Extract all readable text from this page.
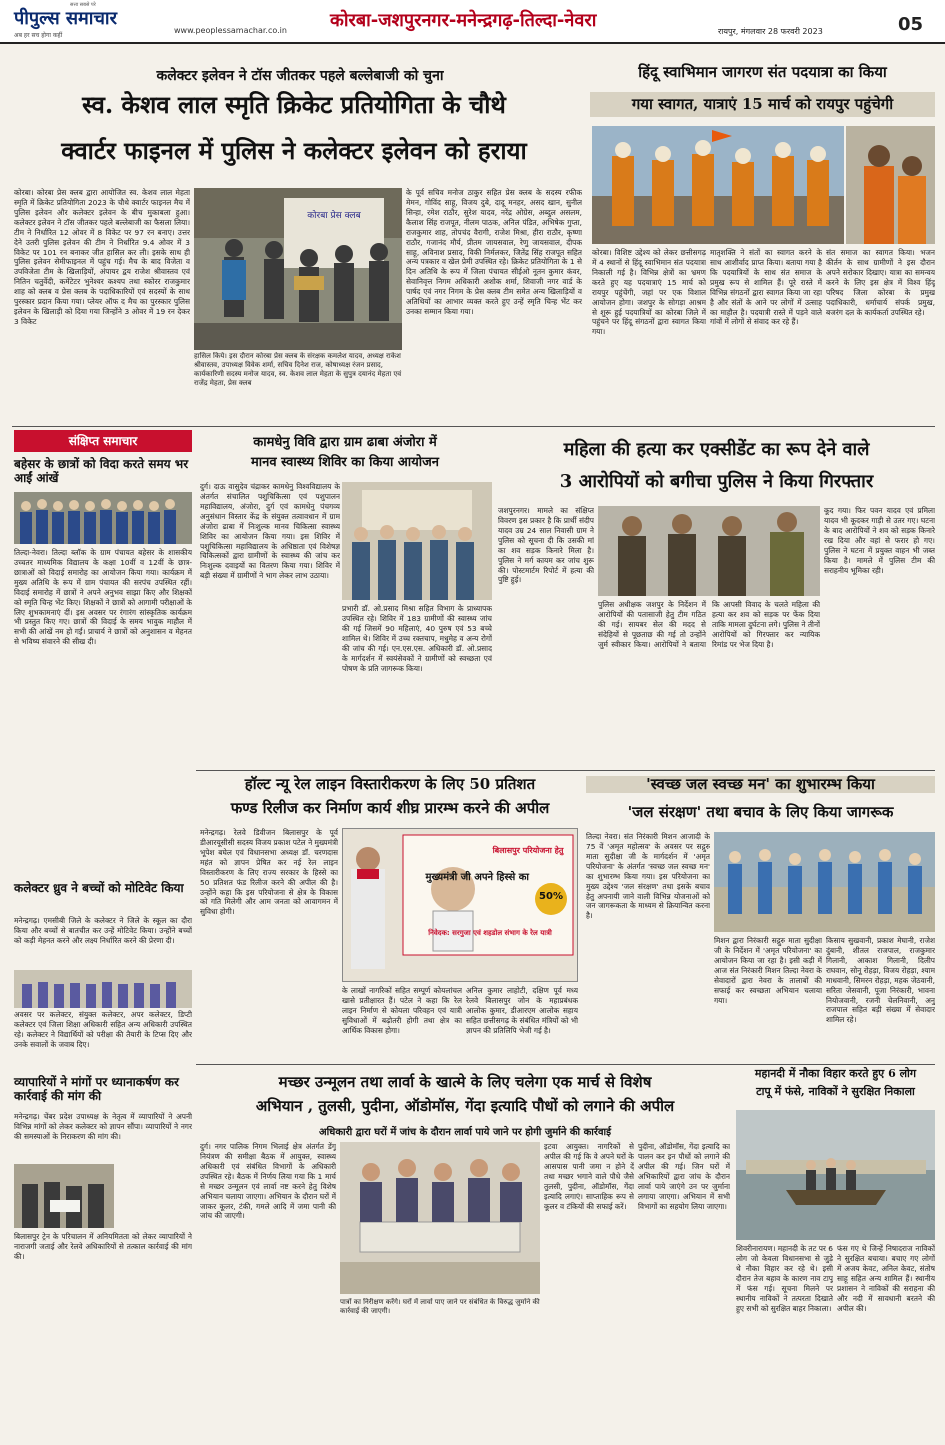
पीपुल्स समाचार
सत्ता सबसे परे
अब हर सच होगा कहीं
www.peoplessamachar.co.in कोरबा-जशपुरनगर-मनेन्द्रगढ़-तिल्दा-नेवरा
रायपुर, मंगलवार 28 फरवरी 2023	05
कलेक्टर इलेवन ने टॉस जीतकर पहले बल्लेबाजी को चुना
स्व. केशव लाल स्मृति क्रिकेट प्रतियोगिता के चौथे
क्वार्टर फाइनल में पुलिस ने कलेक्टर इलेवन को हराया
कोरबा। कोरबा प्रेस क्लब द्वारा आयोजित स्व. केशव लाल मेहता स्मृति में क्रिकेट प्रतियोगिता 2023 के चौथे क्वार्टर फाइनल मैच में पुलिस इलेवन और कलेक्टर इलेवन के बीच मुकाबला हुआ। कलेक्टर इलेवन ने टॉस जीतकर पहले बल्लेबाजी का फैसला लिया। टीम ने निर्धारित 12 ओवर में 8 विकेट पर 97 रन बनाए। उत्तर देने उतरी पुलिस इलेवन की टीम ने निर्धारित 9.4 ओवर में 3 विकेट पर 101 रन बनाकर जीत हासिल कर ली। इसके साथ ही पुलिस इलेवन सेमीफाइनल में पहुंच गई। मैच के बाद विजेता व उपविजेता टीम के खिलाड़ियों, अंपायर द्वय राजेश श्रीवास्तव एवं नितिन चतुर्वेदी, कमेंटेटर भुनेश्वर कश्यप तथा स्कोरर राजकुमार शाह को क्लब व प्रेस क्लब के पदाधिकारियों एवं सदस्यों के साथ पुरस्कार प्रदान किया गया। प्लेयर ऑफ द मैच का पुरस्कार पुलिस इलेवन के खिलाड़ी को दिया गया जिन्होंने 3 ओवर में 19 रन देकर 3 विकेट
कोरबा प्रेस क्लब
हासिल किये। इस दौरान कोरबा प्रेस क्लब के संरक्षक कमलेश यादव, अध्यक्ष राकेश श्रीवास्तव, उपाध्यक्ष विवेक शर्मा, सचिव दिनेश राज, कोषाध्यक्ष रंजन प्रसाद, कार्यकारिणी सदस्य मनोज यादव, स्व. केशव लाल मेहता के सुपुत्र दयानंद मेहता एवं राजेंद्र मेहता, प्रेस क्लब
के पूर्व सचिव मनोज ठाकुर सहित प्रेस क्लब के सदस्य रफीक मेमन, गोविंद साहू, विजय दुबे, दादू मनहर, असद खान, सुनील सिन्हा, रमेश राठौर, सुरेश यादव, नरेंद्र ओग्रेस, अब्दुल असलम, कैलाश सिंह राजपूत, नीलम पाठक, अनिल पंडित, अभिषेक गुप्ता, राजकुमार शाह, तोपचंद वैरागी, राजेश मिश्रा, हीरा राठौर, कृष्णा राठौर, गजानंद मौर्य, प्रीतम जायसवाल, रेणु जायसवाल, दीपक साहू, अविनाश प्रसाद, विकी निर्मलकर, जितेंद्र सिंह राजपूत सहित अन्य पत्रकार व खेल प्रेमी उपस्थित रहे। क्रिकेट प्रतियोगिता के 1 से दिन अतिथि के रूप में जिला पंचायत सीईओ नूतन कुमार कंवर, सेवानिवृत्त निगम अधिकारी अशोक शर्मा, शिवाजी नगर वार्ड के पार्षद एवं नगर निगम के प्रेस क्लब टीम समेत अन्य खिलाड़ियों व अतिथियों का आभार व्यक्त करते हुए उन्हें स्मृति चिन्ह भेंट कर उनका सम्मान किया गया।
हिंदू स्वाभिमान जागरण संत पदयात्रा का किया
गया स्वागत, यात्राएं 15 मार्च को रायपुर पहुंचेगी
कोरबा। विशिष्ट उद्देश्य को लेकर छत्तीसगढ़ में 4 स्थानों से हिंदू स्वाभिमान संत पदयात्रा निकाली गई है। विभिन्न क्षेत्रों का भ्रमण करते हुए यह पदयात्राएं 15 मार्च को रायपुर पहुंचेंगी, जहां पर एक विशाल आयोजन होगा। जशपुर के सोगड़ा आश्रम से शुरू हुई पदयात्रियों का कोरबा जिले में पहुंचने पर हिंदू संगठनों द्वारा स्वागत किया गया।
मातृशक्ति ने संतों का स्वागत करने के साथ आशीर्वाद प्राप्त किया। बताया गया है कि पदयात्रियों के साथ संत समाज के प्रमुख रूप से शामिल हैं। पूरे रास्ते में विभिन्न संगठनों द्वारा स्वागत किया जा रहा है और संतों के आने पर लोगों में उत्साह का माहौल है। पदयात्री रास्ते में पड़ने वाले गांवों में लोगों से संवाद कर रहे हैं।
संत समाज का स्वागत किया। भजन कीर्तन के साथ ग्रामीणों ने इस दौरान अपने सरोकार दिखाए। यात्रा का समन्वय करने के लिए इस क्षेत्र में विश्व हिंदू परिषद जिला कोरबा के प्रमुख पदाधिकारी, धर्माचार्य संपर्क प्रमुख, बजरंग दल के कार्यकर्ता उपस्थित रहे।
संक्षिप्त समाचार
बहेसर के छात्रों को विदा करते समय भर आईं आंखें
तिल्दा-नेवरा। तिल्दा ब्लॉक के ग्राम पंचायत बहेसर के शासकीय उच्चतर माध्यमिक विद्यालय के कक्षा 10वीं व 12वीं के छात्र-छात्राओं को विदाई समारोह का आयोजन किया गया। कार्यक्रम में मुख्य अतिथि के रूप में ग्राम पंचायत की सरपंच उपस्थित रहीं। विदाई समारोह में छात्रों ने अपने अनुभव साझा किए और शिक्षकों को स्मृति चिन्ह भेंट किए। शिक्षकों ने छात्रों को आगामी परीक्षाओं के लिए शुभकामनाएं दीं। इस अवसर पर रंगारंग सांस्कृतिक कार्यक्रम भी प्रस्तुत किए गए। छात्रों की विदाई के समय भावुक माहौल में सभी की आंखें नम हो गईं। प्राचार्य ने छात्रों को अनुशासन व मेहनत से भविष्य संवारने की सीख दी।
कलेक्टर ध्रुव ने बच्चों को मोटिवेट किया
मनेन्द्रगढ़। एमसीबी जिले के कलेक्टर ने जिले के स्कूल का दौरा किया और बच्चों से बातचीत कर उन्हें मोटिवेट किया। उन्होंने बच्चों को कड़ी मेहनत करने और लक्ष्य निर्धारित करने की प्रेरणा दी।
अवसर पर कलेक्टर, संयुक्त कलेक्टर, अपर कलेक्टर, डिप्टी कलेक्टर एवं जिला शिक्षा अधिकारी सहित अन्य अधिकारी उपस्थित रहे। कलेक्टर ने विद्यार्थियों को परीक्षा की तैयारी के टिप्स दिए और उनके सवालों के जवाब दिए।
व्यापारियों ने मांगों पर ध्यानाकर्षण कर कार्रवाई की मांग की
मनेन्द्रगढ़। चेंबर प्रदेश उपाध्यक्ष के नेतृत्व में व्यापारियों ने अपनी विभिन्न मांगों को लेकर कलेक्टर को ज्ञापन सौंपा। व्यापारियों ने नगर की समस्याओं के निराकरण की मांग की।
बिलासपुर ट्रेन के परिचालन में अनियमितता को लेकर व्यापारियों ने नाराजगी जताई और रेलवे अधिकारियों से तत्काल कार्रवाई की मांग की।
कामधेनु विवि द्वारा ग्राम ढाबा अंजोरा में
मानव स्वास्थ्य शिविर का किया आयोजन
दुर्ग। दाऊ वासुदेव चंद्राकर कामधेनु विश्वविद्यालय के अंतर्गत संचालित पशुचिकित्सा एवं पशुपालन महाविद्यालय, अंजोरा, दुर्ग एवं कामधेनु पंचगव्य अनुसंधान विस्तार केंद्र के संयुक्त तत्वावधान में ग्राम अंजोरा ढाबा में निःशुल्क मानव चिकित्सा स्वास्थ्य शिविर का आयोजन किया गया। इस शिविर में पशुचिकित्सा महाविद्यालय के अधिष्ठाता एवं विशेषज्ञ चिकित्सकों द्वारा ग्रामीणों के स्वास्थ्य की जांच कर निःशुल्क दवाइयों का वितरण किया गया। शिविर में बड़ी संख्या में ग्रामीणों ने भाग लेकर लाभ उठाया।
प्रभारी डॉ. ओ.प्रसाद मिश्रा सहित विभाग के प्राध्यापक उपस्थित रहे। शिविर में 183 ग्रामीणों की स्वास्थ्य जांच की गई जिसमें 90 महिलाएं, 40 पुरुष एवं 53 बच्चे शामिल थे। शिविर में उच्च रक्तचाप, मधुमेह व अन्य रोगों की जांच की गई। एन.एस.एस. अधिकारी डॉ. ओ.प्रसाद के मार्गदर्शन में स्वयंसेवकों ने ग्रामीणों को स्वच्छता एवं पोषण के प्रति जागरूक किया।
महिला की हत्या कर एक्सीडेंट का रूप देने वाले
3 आरोपियों को बगीचा पुलिस ने किया गिरफ्तार
जशपुरनगर। मामले का संक्षिप्त विवरण इस प्रकार है कि प्रार्थी संदीप यादव उम्र 24 साल निवासी ग्राम ने पुलिस को सूचना दी कि उसकी मां का शव सड़क किनारे मिला है। पुलिस ने मर्ग कायम कर जांच शुरू की। पोस्टमार्टम रिपोर्ट में हत्या की पुष्टि हुई।
पुलिस अधीक्षक जशपुर के निर्देशन में आरोपियों की पतासाजी हेतु टीम गठित की गई। सायबर सेल की मदद से संदेहियों से पूछताछ की गई तो उन्होंने जुर्म स्वीकार किया। आरोपियों ने बताया कि आपसी विवाद के चलते महिला की हत्या कर शव को सड़क पर फेंक दिया ताकि मामला दुर्घटना लगे। पुलिस ने तीनों आरोपियों को गिरफ्तार कर न्यायिक रिमांड पर भेज दिया है।
कूद गया। फिर पवन यादव एवं प्रमिला यादव भी कूदकर गाड़ी से उतर गए। घटना के बाद आरोपियों ने शव को सड़क किनारे रख दिया और वहां से फरार हो गए। पुलिस ने घटना में प्रयुक्त वाहन भी जब्त किया है। मामले में पुलिस टीम की सराहनीय भूमिका रही।
हॉल्ट न्यू रेल लाइन विस्तारीकरण के लिए 50 प्रतिशत
फण्ड रिलीज कर निर्माण कार्य शीघ्र प्रारम्भ करने की अपील
मनेन्द्रगढ़। रेलवे डिवीजन बिलासपुर के पूर्व डीआरयूसीसी सदस्य विजय प्रकाश पटेल ने मुख्यमंत्री भूपेश बघेल एवं विधानसभा अध्यक्ष डॉ. चरणदास महंत को ज्ञापन प्रेषित कर नई रेल लाइन विस्तारीकरण के लिए राज्य सरकार के हिस्से का 50 प्रतिशत फंड रिलीज करने की अपील की है। उन्होंने कहा कि इस परियोजना से क्षेत्र के विकास को गति मिलेगी और आम जनता को आवागमन में सुविधा होगी।
बिलासपुर परियोजना हेतु
मुख्यमंत्री जी अपने हिस्से का
50%
निवेदक: सरगुजा एवं शहडोल संभाग के रेल यात्री
के लाखों नागरिकों सहित सम्पूर्ण कोयलांचल खासे प्रतीक्षारत हैं। पटेल ने कहा कि रेल लाइन निर्माण से कोयला परिवहन एवं यात्री सुविधाओं में बढ़ोतरी होगी तथा क्षेत्र का आर्थिक विकास होगा।
अनिल कुमार लाहोटी, दक्षिण पूर्व मध्य रेलवे बिलासपुर जोन के महाप्रबंधक आलोक कुमार, डीआरएम आलोक सहाय सहित छत्तीसगढ़ के संबंधित मंत्रियों को भी ज्ञापन की प्रतिलिपि भेजी गई है।
'स्वच्छ जल स्वच्छ मन' का शुभारम्भ किया
'जल संरक्षण' तथा बचाव के लिए किया जागरूक
तिल्दा नेवरा। संत निरंकारी मिशन आजादी के 75 वें 'अमृत महोत्सव' के अवसर पर सद्गुरु माता सुदीक्षा जी के मार्गदर्शन में 'अमृत परियोजना' के अंतर्गत 'स्वच्छ जल स्वच्छ मन' का शुभारम्भ किया गया। इस परियोजना का मुख्य उद्देश्य 'जल संरक्षण' तथा इसके बचाव हेतु अपनायी जाने वाली विभिन्न योजनाओं को जन जागरूकता के माध्यम से क्रियान्वित करना है।
मिशन द्वारा निरंकारी सद्गुरु माता सुदीक्षा जी के निर्देशन में 'अमृत परियोजना' का आयोजन किया जा रहा है। इसी कड़ी में आज संत निरंकारी मिशन तिल्दा नेवरा के सेवादारों द्वारा नेवरा के तालाबों की सफाई कर स्वच्छता अभियान चलाया गया।
किसाय सुखवानी, प्रकाश मेघानी, राजेश दुंबानी, शीतल राजपाल, राजकुमार गिलानी, आकाश गिलानी, दिलीप राघवान, सोनू रोहड़ा, विजय रोहड़ा, श्याम माधवानी, सिमरन रोहड़ा, महक जेठवानी, सरिता जेसवानी, पूजा निरंकारी, भावना नियोजवानी, रजनी चेलनिवानी, अनु राजपाल सहित बड़ी संख्या में सेवादार शामिल रहे।
मच्छर उन्मूलन तथा लार्वा के खात्मे के लिए चलेगा एक मार्च से विशेष
अभियान , तुलसी, पुदीना, ऑडोमॉस, गेंदा इत्यादि पौधों को लगाने की अपील
अधिकारी द्वारा घरों में जांच के दौरान लार्वा पाये जाने पर होगी जुर्माने की कार्रवाई
दुर्ग। नगर पालिक निगम भिलाई क्षेत्र अंतर्गत डेंगू नियंत्रण की समीक्षा बैठक में आयुक्त, स्वास्थ्य अधिकारी एवं संबंधित विभागों के अधिकारी उपस्थित रहे। बैठक में निर्णय लिया गया कि 1 मार्च से मच्छर उन्मूलन एवं लार्वा नष्ट करने हेतु विशेष अभियान चलाया जाएगा। अभियान के दौरान घरों में जाकर कूलर, टंकी, गमले आदि में जमा पानी की जांच की जाएगी।
पात्रों का निरीक्षण करेंगे। घरों में लार्वा पाए जाने पर संबंधित के विरुद्ध जुर्माने की कार्रवाई की जाएगी।
इटवा आयुक्त। नागरिकों से अपील की गई कि वे अपने घरों के आसपास पानी जमा न होने दें तथा मच्छर भगाने वाले पौधे जैसे तुलसी, पुदीना, ऑडोमॉस, गेंदा इत्यादि लगाएं। साप्ताहिक रूप से कूलर व टंकियों की सफाई करें।
पुदीना, ऑडोमॉस, गेंदा इत्यादि का पालन कर इन पौधों को लगाने की अपील की गई। जिन घरों में अभिकारियों द्वारा जांच के दौरान लार्वा पाये जाएंगे उन पर जुर्माना लगाया जाएगा। अभियान में सभी विभागों का सहयोग लिया जाएगा।
महानदी में नौका विहार करते हुए 6 लोग
टापू में फंसे, नाविकों ने सुरक्षित निकाला
शिवरीनारायण। महानदी के तट पर 6 लोग जो केवला विधानसभा से जुड़े थे नौका विहार कर रहे थे। इसी दौरान तेज बहाव के कारण नाव टापू में फंस गई। सूचना मिलने पर स्थानीय नाविकों ने तत्परता दिखाते हुए सभी को सुरक्षित बाहर निकाला।
फंस गए थे जिन्हें निषादराज नाविकों ने सुरक्षित बचाया। बचाए गए लोगों में अजय केवट, अनिल केवट, संतोष साहू सहित अन्य शामिल हैं। स्थानीय प्रशासन ने नाविकों की सराहना की और नदी में सावधानी बरतने की अपील की।
